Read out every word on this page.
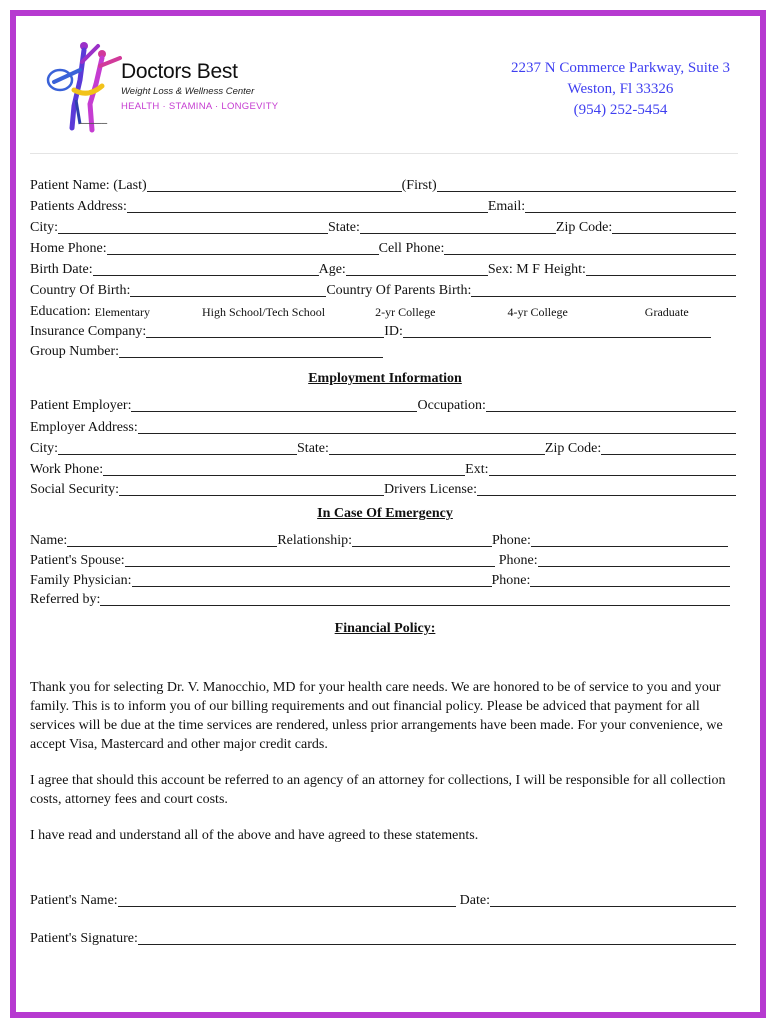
Doctors Best
Weight Loss & Wellness Center
HEALTH · STAMINA · LONGEVITY
━━━━━━━━━
2237 N Commerce Parkway, Suite 3
Weston, Fl 33326
(954) 252-5454
Patient Name: (Last)	(First)
Patients Address:	Email:
City:	State:	Zip Code:
Home Phone:	Cell Phone:
Birth Date:	Age:	Sex: M F Height:
Country Of Birth:	Country Of Parents Birth:
Education: Elementary	High School/Tech School	2-yr College	4-yr College	Graduate
Insurance Company:	ID:
Group Number:
Employment Information
Patient Employer:	Occupation:
Employer Address:
City:	State:	Zip Code:
Work Phone:	Ext:
Social Security:	Drivers License:
In Case Of Emergency
Name:	Relationship:	Phone:
Patient's Spouse:	Phone:
Family Physician:	Phone:
Referred by:
Financial Policy:
Thank you for selecting Dr. V. Manocchio, MD for your health care needs. We are honored to be of service to you and your family. This is to inform you of our billing requirements and out financial policy. Please be adviced that payment for all services will be due at the time services are rendered, unless prior arrangements have been made. For your convenience, we accept Visa, Mastercard and other major credit cards.
I agree that should this account be referred to an agency of an attorney for collections, I will be responsible for all collection costs, attorney fees and court costs.
I have read and understand all of the above and have agreed to these statements.
Patient's Name:	Date:
Patient's Signature:
